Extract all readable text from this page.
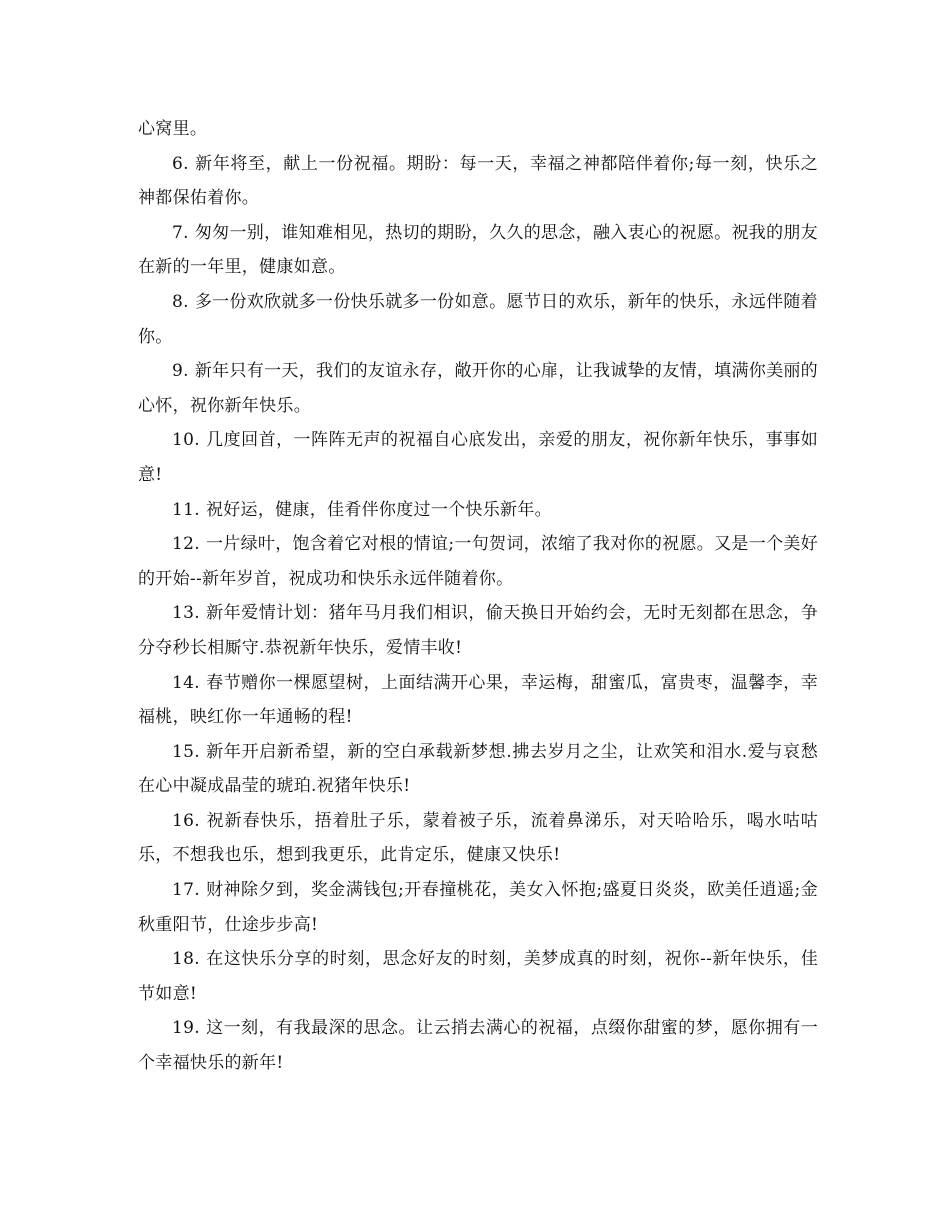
心窝里。

6. 新年将至，献上一份祝福。期盼：每一天，幸福之神都陪伴着你;每一刻，快乐之神都保佑着你。

7. 匆匆一别，谁知难相见，热切的期盼，久久的思念，融入衷心的祝愿。祝我的朋友在新的一年里，健康如意。

8. 多一份欢欣就多一份快乐就多一份如意。愿节日的欢乐，新年的快乐，永远伴随着你。

9. 新年只有一天，我们的友谊永存，敞开你的心扉，让我诚挚的友情，填满你美丽的心怀，祝你新年快乐。

10. 几度回首，一阵阵无声的祝福自心底发出，亲爱的朋友，祝你新年快乐，事事如意!

11. 祝好运，健康，佳肴伴你度过一个快乐新年。

12. 一片绿叶，饱含着它对根的情谊;一句贺词，浓缩了我对你的祝愿。又是一个美好的开始--新年岁首，祝成功和快乐永远伴随着你。

13. 新年爱情计划：猪年马月我们相识，偷天换日开始约会，无时无刻都在思念，争分夺秒长相厮守.恭祝新年快乐，爱情丰收!

14. 春节赠你一棵愿望树，上面结满开心果，幸运梅，甜蜜瓜，富贵枣，温馨李，幸福桃，映红你一年通畅的程!

15. 新年开启新希望，新的空白承载新梦想.拂去岁月之尘，让欢笑和泪水.爱与哀愁在心中凝成晶莹的琥珀.祝猪年快乐!

16. 祝新春快乐，捂着肚子乐，蒙着被子乐，流着鼻涕乐，对天哈哈乐，喝水咕咕乐，不想我也乐，想到我更乐，此肯定乐，健康又快乐!

17. 财神除夕到，奖金满钱包;开春撞桃花，美女入怀抱;盛夏日炎炎，欧美任逍遥;金秋重阳节，仕途步步高!

18. 在这快乐分享的时刻，思念好友的时刻，美梦成真的时刻，祝你--新年快乐，佳节如意!

19. 这一刻，有我最深的思念。让云捎去满心的祝福，点缀你甜蜜的梦，愿你拥有一个幸福快乐的新年!
